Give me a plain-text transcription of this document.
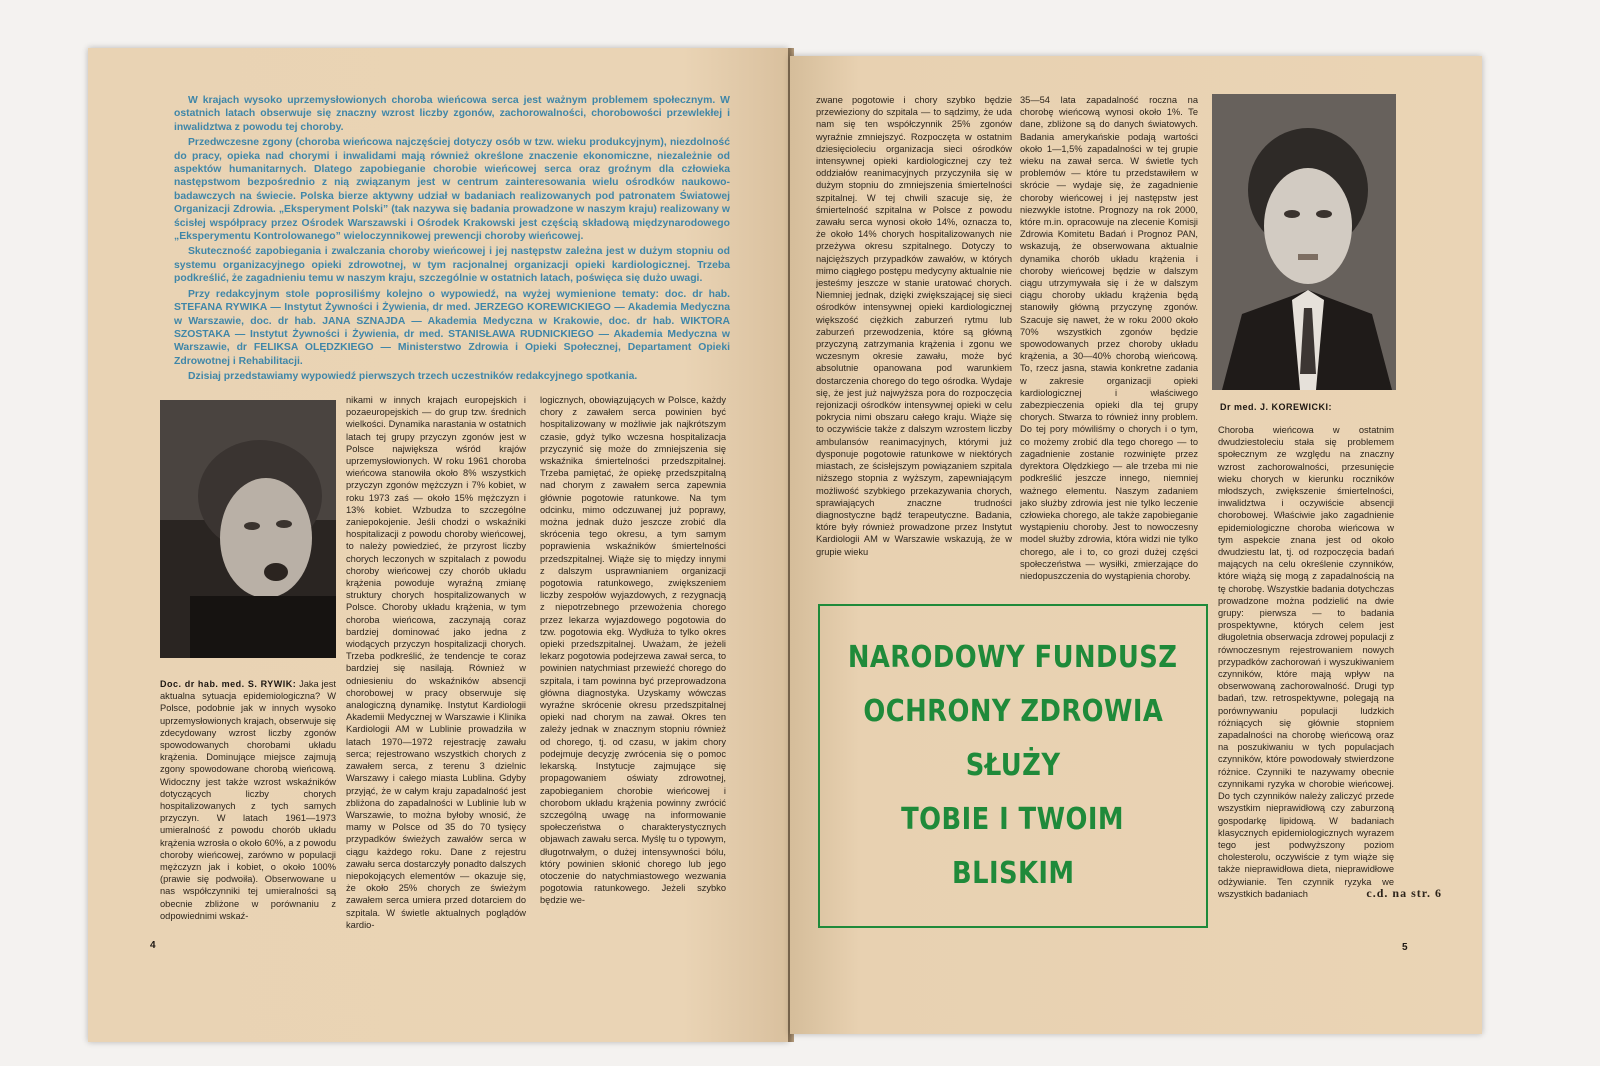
W krajach wysoko uprzemysłowionych choroba wieńcowa serca jest ważnym problemem społecznym. W ostatnich latach obserwuje się znaczny wzrost liczby zgonów, zachorowalności, chorobowości przewlekłej i inwalidztwa z powodu tej choroby.

Przedwczesne zgony (choroba wieńcowa najczęściej dotyczy osób w tzw. wieku produkcyjnym), niezdolność do pracy, opieka nad chorymi i inwalidami mają również określone znaczenie ekonomiczne, niezależnie od aspektów humanitarnych. Dlatego zapobieganie chorobie wieńcowej serca oraz groźnym dla człowieka następstwom bezpośrednio z nią związanym jest w centrum zainteresowania wielu ośrodków naukowo-badawczych na świecie. Polska bierze aktywny udział w badaniach realizowanych pod patronatem Światowej Organizacji Zdrowia. „Eksperyment Polski” (tak nazywa się badania prowadzone w naszym kraju) realizowany w ścisłej współpracy przez Ośrodek Warszawski i Ośrodek Krakowski jest częścią składową międzynarodowego „Eksperymentu Kontrolowanego” wieloczynnikowej prewencji choroby wieńcowej.

Skuteczność zapobiegania i zwalczania choroby wieńcowej i jej następstw zależna jest w dużym stopniu od systemu organizacyjnego opieki zdrowotnej, w tym racjonalnej organizacji opieki kardiologicznej. Trzeba podkreślić, że zagadnieniu temu w naszym kraju, szczególnie w ostatnich latach, poświęca się dużo uwagi.

Przy redakcyjnym stole poprosiliśmy kolejno o wypowiedź, na wyżej wymienione tematy: doc. dr hab. STEFANA RYWIKA — Instytut Żywności i Żywienia, dr med. JERZEGO KOREWICKIEGO — Akademia Medyczna w Warszawie, doc. dr hab. JANA SZNAJDA — Akademia Medyczna w Krakowie, doc. dr hab. WIKTORA SZOSTAKA — Instytut Żywności i Żywienia, dr med. STANISŁAWA RUDNICKIEGO — Akademia Medyczna w Warszawie, dr FELIKSA OLĘDZKIEGO — Ministerstwo Zdrowia i Opieki Społecznej, Departament Opieki Zdrowotnej i Rehabilitacji.

Dzisiaj przedstawiamy wypowiedź pierwszych trzech uczestników redakcyjnego spotkania.

Doc. dr hab. med. S. RYWIK: Jaka jest aktualna sytuacja epidemiologiczna? W Polsce, podobnie jak w innych wysoko uprzemysłowionych krajach, obserwuje się zdecydowany wzrost liczby zgonów spowodowanych chorobami układu krążenia. Dominujące miejsce zajmują zgony spowodowane chorobą wieńcową. Widoczny jest także wzrost wskaźników dotyczących liczby chorych hospitalizowanych z tych samych przyczyn. W latach 1961—1973 umieralność z powodu chorób układu krążenia wzrosła o około 60%, a z powodu choroby wieńcowej, zarówno w populacji mężczyzn jak i kobiet, o około 100% (prawie się podwoiła). Obserwowane u nas współczynniki tej umieralności są obecnie zbliżone w porównaniu z odpowiednimi wskaź-

nikami w innych krajach europejskich i pozaeuropejskich — do grup tzw. średnich wielkości. Dynamika narastania w ostatnich latach tej grupy przyczyn zgonów jest w Polsce największa wśród krajów uprzemysłowionych. W roku 1961 choroba wieńcowa stanowiła około 8% wszystkich przyczyn zgonów mężczyzn i 7% kobiet, w roku 1973 zaś — około 15% mężczyzn i 13% kobiet. Wzbudza to szczególne zaniepokojenie. Jeśli chodzi o wskaźniki hospitalizacji z powodu choroby wieńcowej, to należy powiedzieć, że przyrost liczby chorych leczonych w szpitalach z powodu choroby wieńcowej czy chorób układu krążenia powoduje wyraźną zmianę struktury chorych hospitalizowanych w Polsce. Choroby układu krążenia, w tym choroba wieńcowa, zaczynają coraz bardziej dominować jako jedna z wiodących przyczyn hospitalizacji chorych. Trzeba podkreślić, że tendencje te coraz bardziej się nasilają. Również w odniesieniu do wskaźników absencji chorobowej w pracy obserwuje się analogiczną dynamikę. Instytut Kardiologii Akademii Medycznej w Warszawie i Klinika Kardiologii AM w Lublinie prowadziła w latach 1970—1972 rejestrację zawału serca; rejestrowano wszystkich chorych z zawałem serca, z terenu 3 dzielnic Warszawy i całego miasta Lublina. Gdyby przyjąć, że w całym kraju zapadalność jest zbliżona do zapadalności w Lublinie lub w Warszawie, to można byłoby wnosić, że mamy w Polsce od 35 do 70 tysięcy przypadków świeżych zawałów serca w ciągu każdego roku. Dane z rejestru zawału serca dostarczyły ponadto dalszych niepokojących elementów — okazuje się, że około 25% chorych ze świeżym zawałem serca umiera przed dotarciem do szpitala. W świetle aktualnych poglądów kardio-

logicznych, obowiązujących w Polsce, każdy chory z zawałem serca powinien być hospitalizowany w możliwie jak najkrótszym czasie, gdyż tylko wczesna hospitalizacja przyczynić się może do zmniejszenia się wskaźnika śmiertelności przedszpitalnej. Trzeba pamiętać, że opiekę przedszpitalną nad chorym z zawałem serca zapewnia głównie pogotowie ratunkowe. Na tym odcinku, mimo odczuwanej już poprawy, można jednak dużo jeszcze zrobić dla skrócenia tego okresu, a tym samym poprawienia wskaźników śmiertelności przedszpitalnej. Wiąże się to między innymi z dalszym usprawnianiem organizacji pogotowia ratunkowego, zwiększeniem liczby zespołów wyjazdowych, z rezygnacją z niepotrzebnego przewożenia chorego przez lekarza wyjazdowego pogotowia do tzw. pogotowia ekg. Wydłuża to tylko okres opieki przedszpitalnej. Uważam, że jeżeli lekarz pogotowia podejrzewa zawał serca, to powinien natychmiast przewieźć chorego do szpitala, i tam powinna być przeprowadzona główna diagnostyka. Uzyskamy wówczas wyraźne skrócenie okresu przedszpitalnej opieki nad chorym na zawał. Okres ten zależy jednak w znacznym stopniu również od chorego, tj. od czasu, w jakim chory podejmuje decyzję zwrócenia się o pomoc lekarską. Instytucje zajmujące się propagowaniem oświaty zdrowotnej, zapobieganiem chorobie wieńcowej i chorobom układu krążenia powinny zwrócić szczególną uwagę na informowanie społeczeństwa o charakterystycznych objawach zawału serca. Myślę tu o typowym, długotrwałym, o dużej intensywności bólu, który powinien skłonić chorego lub jego otoczenie do natychmiastowego wezwania pogotowia ratunkowego. Jeżeli szybko będzie we-

4

zwane pogotowie i chory szybko będzie przewieziony do szpitala — to sądzimy, że uda nam się ten współczynnik 25% zgonów wyraźnie zmniejszyć. Rozpoczęta w ostatnim dziesięcioleciu organizacja sieci ośrodków intensywnej opieki kardiologicznej czy też oddziałów reanimacyjnych przyczyniła się w dużym stopniu do zmniejszenia śmiertelności szpitalnej. W tej chwili szacuje się, że śmiertelność szpitalna w Polsce z powodu zawału serca wynosi około 14%, oznacza to, że około 14% chorych hospitalizowanych nie przeżywa okresu szpitalnego. Dotyczy to najcięższych przypadków zawałów, w których mimo ciągłego postępu medycyny aktualnie nie jesteśmy jeszcze w stanie uratować chorych. Niemniej jednak, dzięki zwiększającej się sieci ośrodków intensywnej opieki kardiologicznej większość ciężkich zaburzeń rytmu lub zaburzeń przewodzenia, które są główną przyczyną zatrzymania krążenia i zgonu we wczesnym okresie zawału, może być absolutnie opanowana pod warunkiem dostarczenia chorego do tego ośrodka. Wydaje się, że jest już najwyższa pora do rozpoczęcia rejonizacji ośrodków intensywnej opieki w celu pokrycia nimi obszaru całego kraju. Wiąże się to oczywiście także z dalszym wzrostem liczby ambulansów reanimacyjnych, którymi już dysponuje pogotowie ratunkowe w niektórych miastach, ze ścisłejszym powiązaniem szpitala niższego stopnia z wyższym, zapewniającym możliwość szybkiego przekazywania chorych, sprawiających znaczne trudności diagnostyczne bądź terapeutyczne. Badania, które były również prowadzone przez Instytut Kardiologii AM w Warszawie wskazują, że w grupie wieku

35—54 lata zapadalność roczna na chorobę wieńcową wynosi około 1%. Te dane, zbliżone są do danych światowych. Badania amerykańskie podają wartości około 1—1,5% zapadalności w tej grupie wieku na zawał serca. W świetle tych problemów — które tu przedstawiłem w skrócie — wydaje się, że zagadnienie choroby wieńcowej i jej następstw jest niezwykle istotne. Prognozy na rok 2000, które m.in. opracowuje na zlecenie Komisji Zdrowia Komitetu Badań i Prognoz PAN, wskazują, że obserwowana aktualnie dynamika chorób układu krążenia i choroby wieńcowej będzie w dalszym ciągu utrzymywała się i że w dalszym ciągu choroby układu krążenia będą stanowiły główną przyczynę zgonów. Szacuje się nawet, że w roku 2000 około 70% wszystkich zgonów będzie spowodowanych przez choroby układu krążenia, a 30—40% chorobą wieńcową. To, rzecz jasna, stawia konkretne zadania w zakresie organizacji opieki kardiologicznej i właściwego zabezpieczenia opieki dla tej grupy chorych. Stwarza to również inny problem. Do tej pory mówiliśmy o chorych i o tym, co możemy zrobić dla tego chorego — to zagadnienie zostanie rozwinięte przez dyrektora Olędzkiego — ale trzeba mi nie podkreślić jeszcze innego, niemniej ważnego elementu. Naszym zadaniem jako służby zdrowia jest nie tylko leczenie człowieka chorego, ale także zapobieganie wystąpieniu choroby. Jest to nowoczesny model służby zdrowia, która widzi nie tylko chorego, ale i to, co grozi dużej części społeczeństwa — wysiłki, zmierzające do niedopuszczenia do wystąpienia choroby.

Dr med. J. KOREWICKI:

Choroba wieńcowa w ostatnim dwudziestoleciu stała się problemem społecznym ze względu na znaczny wzrost zachorowalności, przesunięcie wieku chorych w kierunku roczników młodszych, zwiększenie śmiertelności, inwalidztwa i oczywiście absencji chorobowej. Właściwie jako zagadnienie epidemiologiczne choroba wieńcowa w tym aspekcie znana jest od około dwudziestu lat, tj. od rozpoczęcia badań mających na celu określenie czynników, które wiążą się mogą z zapadalnością na tę chorobę. Wszystkie badania dotychczas prowadzone można podzielić na dwie grupy: pierwsza — to badania prospektywne, których celem jest długoletnia obserwacja zdrowej populacji z równoczesnym rejestrowaniem nowych przypadków zachorowań i wyszukiwaniem czynników, które mają wpływ na obserwowaną zachorowalność. Drugi typ badań, tzw. retrospektywne, polegają na porównywaniu populacji ludzkich różniących się głównie stopniem zapadalności na chorobę wieńcową oraz na poszukiwaniu w tych populacjach czynników, które powodowały stwierdzone różnice. Czynniki te nazywamy obecnie czynnikami ryzyka w chorobie wieńcowej. Do tych czynników należy zaliczyć przede wszystkim nieprawidłową czy zaburzoną gospodarkę lipidową. W badaniach klasycznych epidemiologicznych wyrazem tego jest podwyższony poziom cholesterolu, oczywiście z tym wiąże się także nieprawidłowa dieta, nieprawidłowe odżywianie. Ten czynnik ryzyka we wszystkich badaniach

NARODOWY FUNDUSZ
OCHRONY ZDROWIA
SŁUŻY
TOBIE I TWOIM
BLISKIM
c.d. na str. 6
5
